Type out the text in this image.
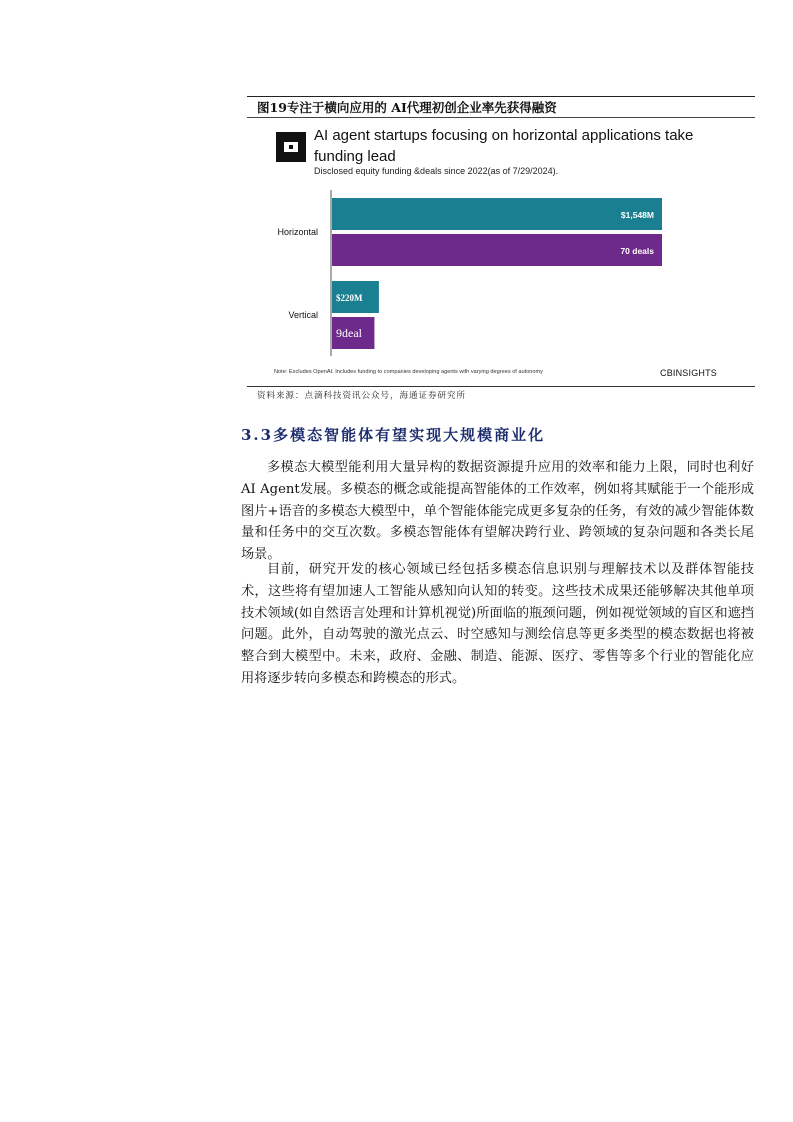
图19专注于横向应用的 AI代理初创企业率先获得融资
AI agent startups focusing on horizontal applications take funding lead
Disclosed equity funding &deals since 2022(as of 7/29/2024).
Horizontal
$1,548M
70 deals
Vertical
$220M
9deal
Note: Excludes OpenAI. Includes funding to companies developing agents with varying degrees of autonomy	CBINSIGHTS
资料来源：点滴科技资讯公众号，海通证券研究所
3.3多模态智能体有望实现大规模商业化

多模态大模型能利用大量异构的数据资源提升应用的效率和能力上限，同时也利好AI Agent发展。多模态的概念或能提高智能体的工作效率，例如将其赋能于一个能形成图片+语音的多模态大模型中，单个智能体能完成更多复杂的任务，有效的减少智能体数量和任务中的交互次数。多模态智能体有望解决跨行业、跨领域的复杂问题和各类长尾场景。

目前，研究开发的核心领域已经包括多模态信息识别与理解技术以及群体智能技术，这些将有望加速人工智能从感知向认知的转变。这些技术成果还能够解决其他单项技术领域(如自然语言处理和计算机视觉)所面临的瓶颈问题，例如视觉领域的盲区和遮挡问题。此外，自动驾驶的激光点云、时空感知与测绘信息等更多类型的模态数据也将被整合到大模型中。未来，政府、金融、制造、能源、医疗、零售等多个行业的智能化应用将逐步转向多模态和跨模态的形式。
